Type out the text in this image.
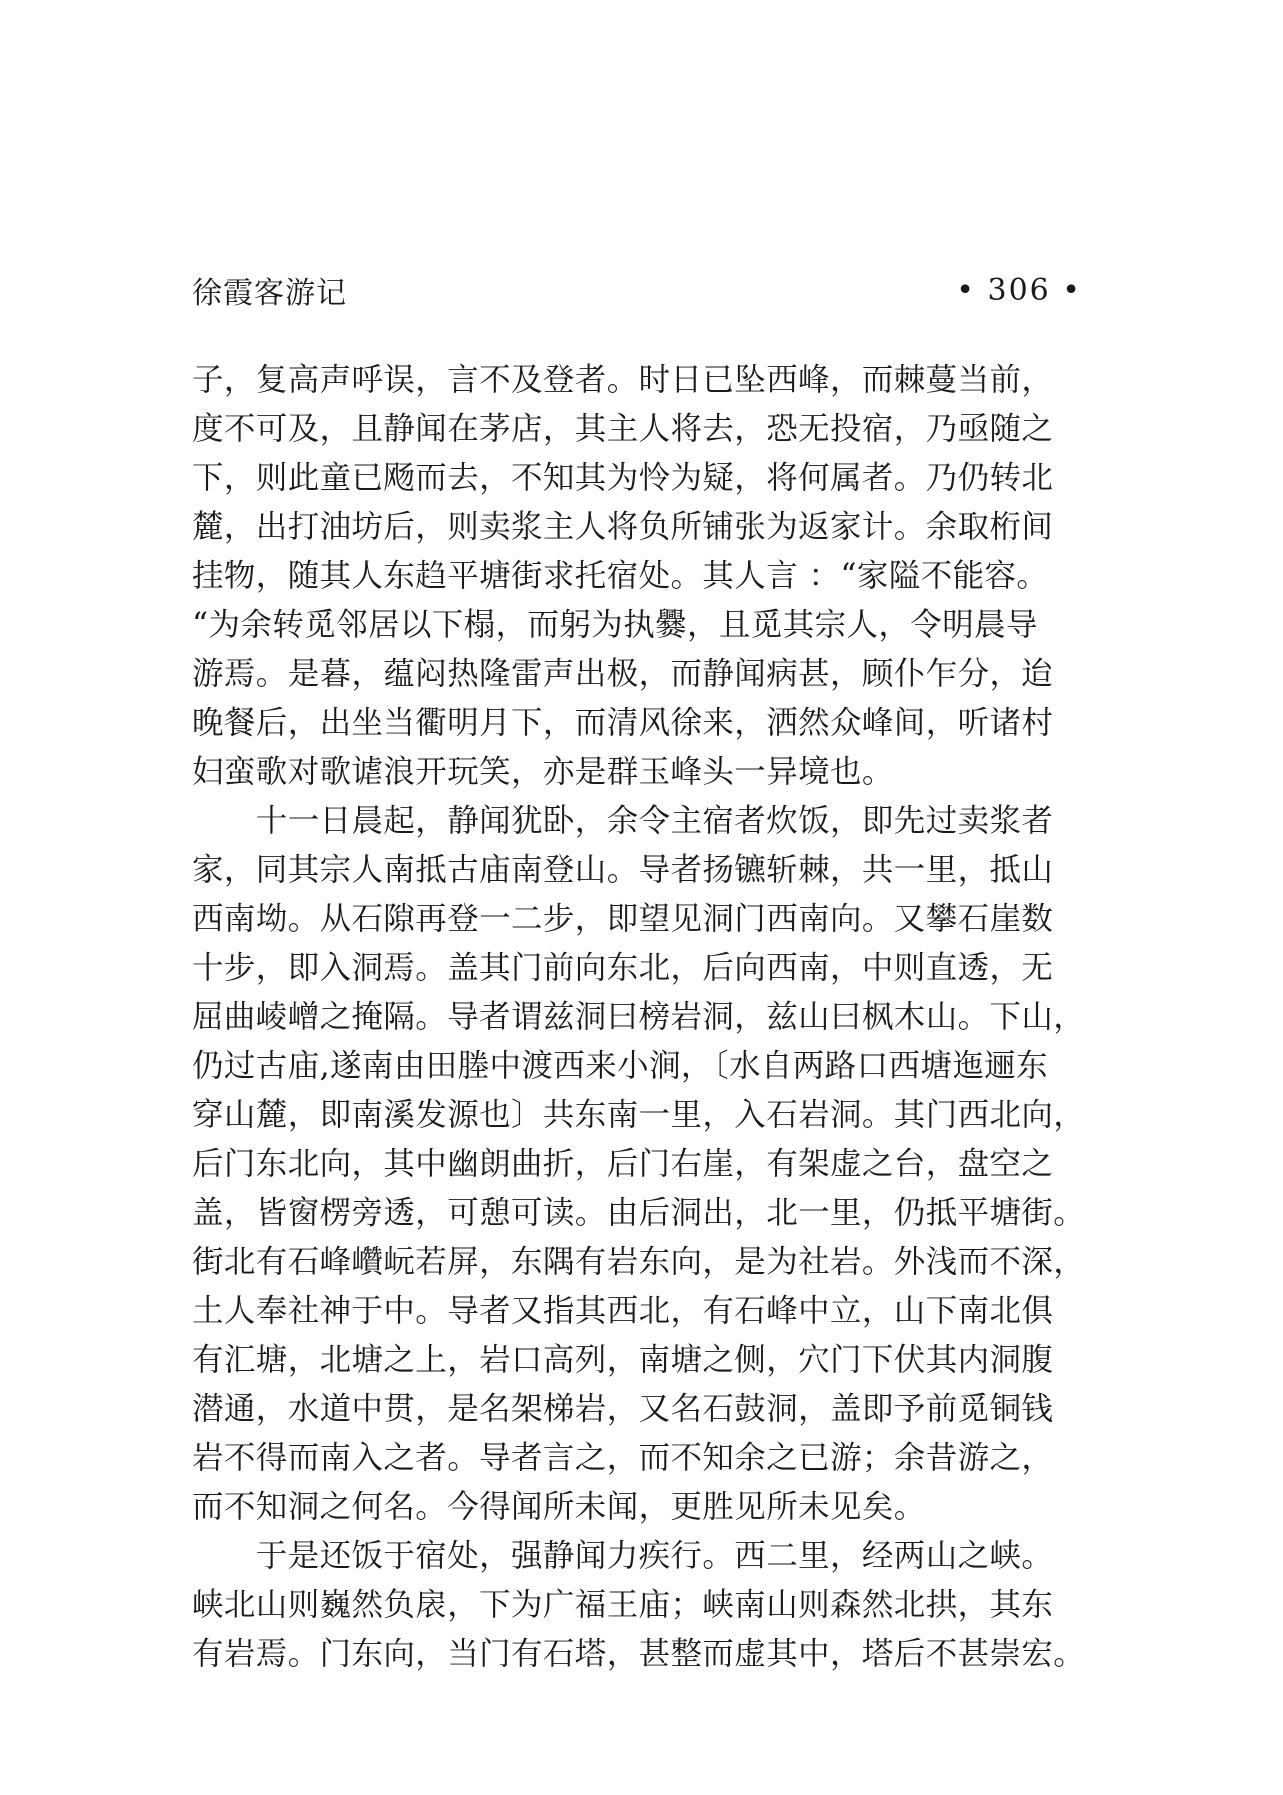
徐霞客游记	• 306 •
子，复高声呼误，言不及登者。时日已坠西峰，而棘蔓当前，
度不可及，且静闻在茅店，其主人将去，恐无投宿，乃亟随之
下，则此童已飏而去，不知其为怜为疑，将何属者。乃仍转北
麓，出打油坊后，则卖浆主人将负所铺张为返家计。余取桁间
挂物，随其人东趋平塘街求托宿处。其人言 ：“家隘不能容。
“为余转觅邻居以下榻，而躬为执爨，且觅其宗人，令明晨导
游焉。是暮，蕴闷热隆雷声出极，而静闻病甚，顾仆乍分，迨
晚餐后，出坐当衢明月下，而清风徐来，洒然众峰间，听诸村
妇蛮歌对歌谑浪开玩笑，亦是群玉峰头一异境也。
　　十一日晨起，静闻犹卧，余令主宿者炊饭，即先过卖浆者
家，同其宗人南抵古庙南登山。导者扬镳斩棘，共一里，抵山
西南坳。从石隙再登一二步，即望见洞门西南向。又攀石崖数
十步，即入洞焉。盖其门前向东北，后向西南，中则直透，无
屈曲崚嶒之掩隔。导者谓兹洞曰榜岩洞，兹山曰枫木山。下山，
仍过古庙,遂南由田塍中渡西来小涧，〔水自两路口西塘迤逦东
穿山麓，即南溪发源也〕共东南一里，入石岩洞。其门西北向，
后门东北向，其中幽朗曲折，后门右崖，有架虚之台，盘空之
盖，皆窗楞旁透，可憩可读。由后洞出，北一里，仍抵平塘街。
街北有石峰巑岏若屏，东隅有岩东向，是为社岩。外浅而不深，
土人奉社神于中。导者又指其西北，有石峰中立，山下南北俱
有汇塘，北塘之上，岩口高列，南塘之侧，穴门下伏其内洞腹
潜通，水道中贯，是名架梯岩，又名石鼓洞，盖即予前觅铜钱
岩不得而南入之者。导者言之，而不知余之已游；余昔游之，
而不知洞之何名。今得闻所未闻，更胜见所未见矣。
　　于是还饭于宿处，强静闻力疾行。西二里，经两山之峡。
峡北山则巍然负扆，下为广福王庙；峡南山则森然北拱，其东
有岩焉。门东向，当门有石塔，甚整而虚其中，塔后不甚崇宏。
